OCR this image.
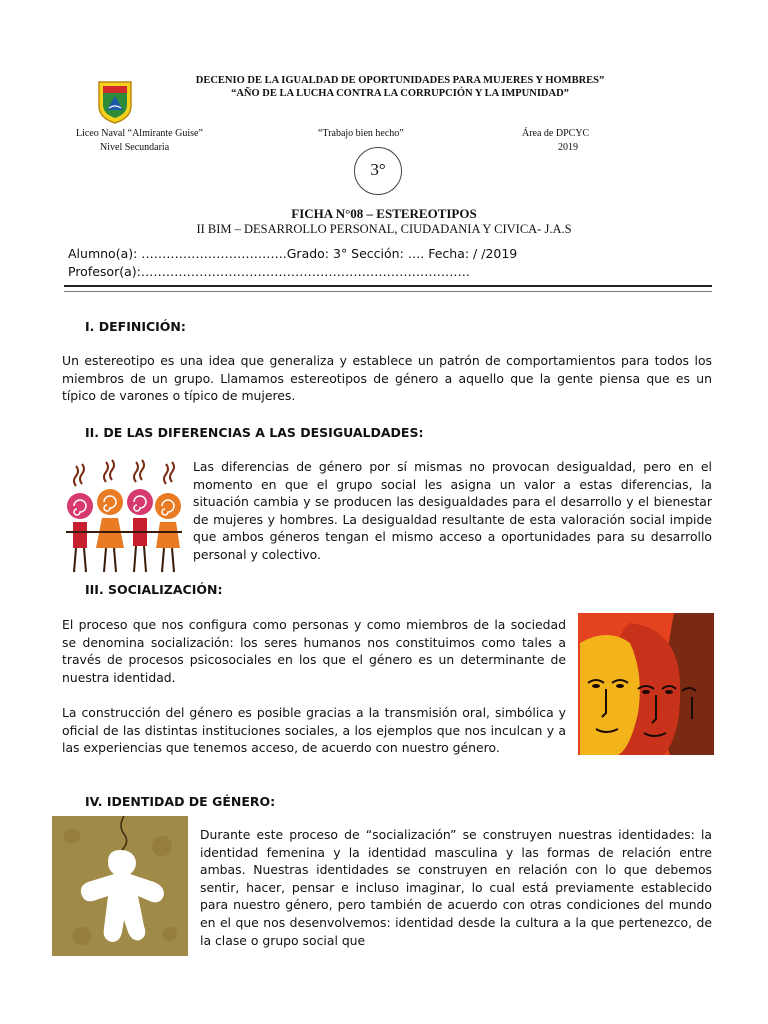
DECENIO DE LA IGUALDAD DE OPORTUNIDADES PARA MUJERES Y HOMBRES”
“AÑO DE LA LUCHA CONTRA LA CORRUPCIÓN Y LA IMPUNIDAD”
Liceo Naval “Almirante Guise”
Nivel Secundaria
“Trabajo bien hecho”	Área de DPCYC
2019
3°
FICHA N°08 – ESTEREOTIPOS
II BIM – DESARROLLO PERSONAL, CIUDADANIA Y CIVICA- J.A.S
Alumno(a): ……………………………..Grado: 3° Sección: …. Fecha: / /2019
Profesor(a):…………………………………………………………………….
I. DEFINICIÓN:
Un estereotipo es una idea que generaliza y establece un patrón de comportamientos para todos los miembros de un grupo. Llamamos estereotipos de género a aquello que la gente piensa que es un típico de varones o típico de mujeres.
II. DE LAS DIFERENCIAS A LAS DESIGUALDADES:
Las diferencias de género por sí mismas no provocan desigualdad, pero en el momento en que el grupo social les asigna un valor a estas diferencias, la situación cambia y se producen las desigualdades para el desarrollo y el bienestar de mujeres y hombres. La desigualdad resultante de esta valoración social impide que ambos géneros tengan el mismo acceso a oportunidades para su desarrollo personal y colectivo.
III. SOCIALIZACIÓN:
El proceso que nos configura como personas y como miembros de la sociedad se denomina socialización: los seres humanos nos constituimos como tales a través de procesos psicosociales en los que el género es un determinante de nuestra identidad.
La construcción del género es posible gracias a la transmisión oral, simbólica y oficial de las distintas instituciones sociales, a los ejemplos que nos inculcan y a las experiencias que tenemos acceso, de acuerdo con nuestro género.
IV. IDENTIDAD DE GÉNERO:
Durante este proceso de “socialización” se construyen nuestras identidades: la identidad femenina y la identidad masculina y las formas de relación entre ambas. Nuestras identidades se construyen en relación con lo que debemos sentir, hacer, pensar e incluso imaginar, lo cual está previamente establecido para nuestro género, pero también de acuerdo con otras condiciones del mundo en el que nos desenvolvemos: identidad desde la cultura a la que pertenezco, de la clase o grupo social que
